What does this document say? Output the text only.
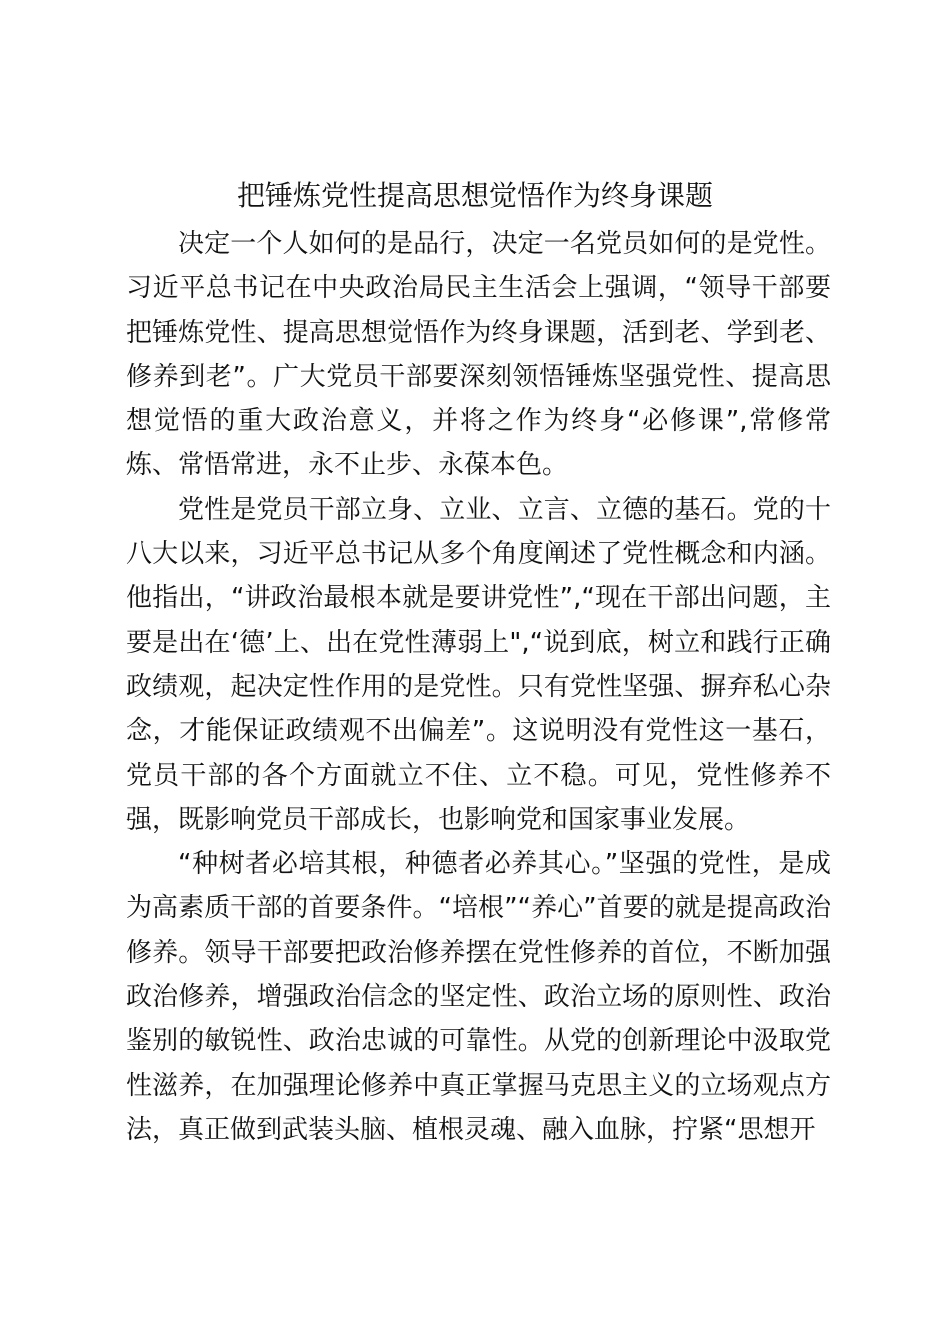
把锤炼党性提高思想觉悟作为终身课题

决定一个人如何的是品行，决定一名党员如何的是党性。习近平总书记在中央政治局民主生活会上强调，“领导干部要把锤炼党性、提高思想觉悟作为终身课题，活到老、学到老、修养到老”。广大党员干部要深刻领悟锤炼坚强党性、提高思想觉悟的重大政治意义，并将之作为终身“必修课”,常修常炼、常悟常进，永不止步、永葆本色。

党性是党员干部立身、立业、立言、立德的基石。党的十八大以来，习近平总书记从多个角度阐述了党性概念和内涵。他指出，“讲政治最根本就是要讲党性”,“现在干部出问题，主要是出在‘德’上、出在党性薄弱上",“说到底，树立和践行正确政绩观，起决定性作用的是党性。只有党性坚强、摒弃私心杂念，才能保证政绩观不出偏差”。这说明没有党性这一基石，党员干部的各个方面就立不住、立不稳。可见，党性修养不强，既影响党员干部成长，也影响党和国家事业发展。

“种树者必培其根，种德者必养其心。”坚强的党性，是成为高素质干部的首要条件。“培根”“养心”首要的就是提高政治修养。领导干部要把政治修养摆在党性修养的首位，不断加强政治修养，增强政治信念的坚定性、政治立场的原则性、政治鉴别的敏锐性、政治忠诚的可靠性。从党的创新理论中汲取党性滋养，在加强理论修养中真正掌握马克思主义的立场观点方法，真正做到武装头脑、植根灵魂、融入血脉，拧紧“思想开
